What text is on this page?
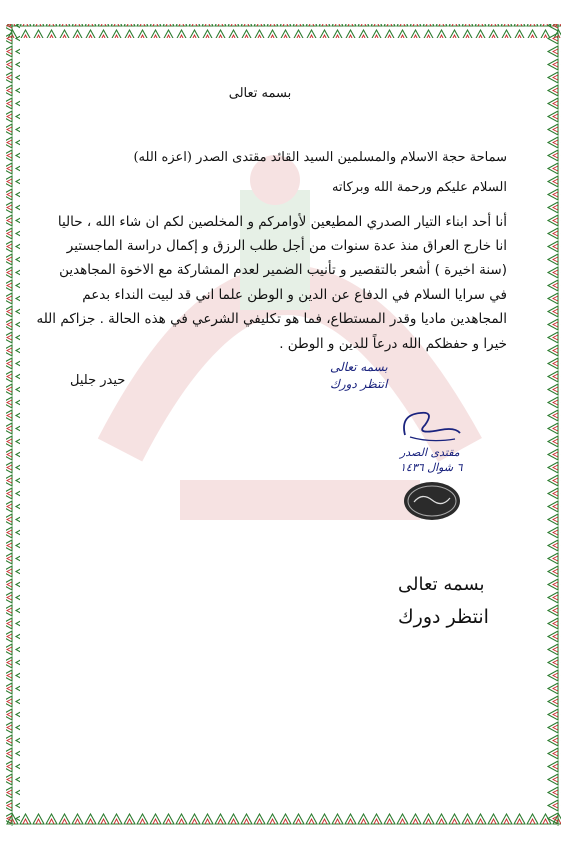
بسمه تعالى
سماحة حجة الاسلام والمسلمين السيد القائد مقتدى الصدر (اعزه الله)
السلام عليكم ورحمة الله وبركاته
أنا أحد ابناء التيار الصدري المطيعين لأوامركم و المخلصين لكم ان شاء الله ، حاليا
انا خارج العراق منذ عدة سنوات من أجل طلب الرزق و إكمال دراسة الماجستير
(سنة اخيرة ) أشعر بالتقصير و تأنيب الضمير لعدم المشاركة مع الاخوة المجاهدين
في سرايا السلام في الدفاع عن الدين و الوطن علما اني قد لبيت النداء بدعم
المجاهدين ماديا وقدر المستطاع، فما هو تكليفي الشرعي في هذه الحالة . جزاكم الله
خيرا و حفظكم الله درعاً للدين و الوطن .
حيدر جليل
بسمه تعالى
انتظر دورك
مقتدى الصدر
٦ شوال ١٤٣٦
بسمه تعالى
انتظر دورك
